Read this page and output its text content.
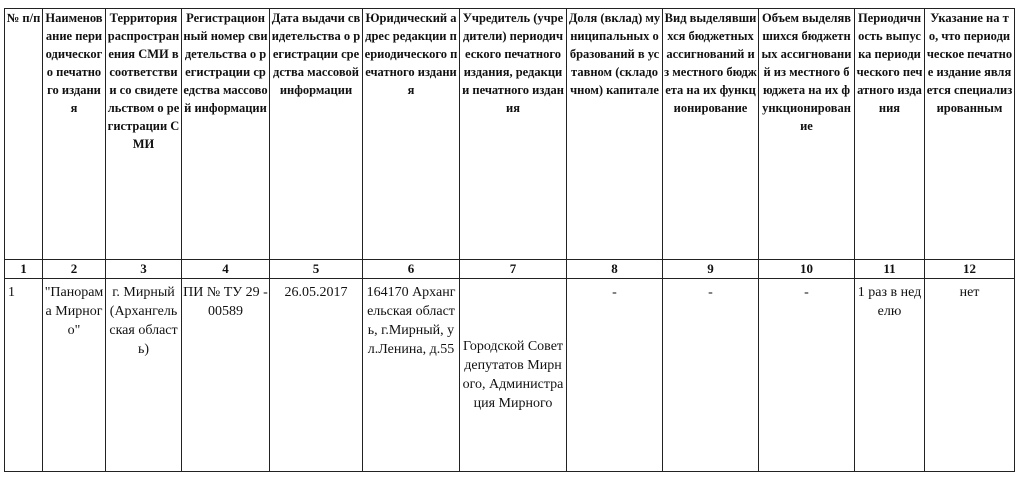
№ п/п	Наименование периодического печатного издания	Территория распространения СМИ в соответствии со свидетельством о регистрации СМИ	Регистрационный номер свидетельства о регистрации средства массовой информации	Дата выдачи свидетельства о регистрации средства массовой информации	Юридический адрес редакции периодического печатного издания	Учредитель (учредители) периодического печатного издания, редакции печатного издания	Доля (вклад) муниципальных образований в уставном (складочном) капитале	Вид выделявшихся бюджетных ассигнований из местного бюджета на их функционирование	Объем выделявшихся бюджетных ассигнований из местного бюджета на их функционирование	Периодичность выпуска периодического печатного издания	Указание на то, что периодическое печатное издание является специализированным
1	2	3	4	5	6	7	8	9	10	11	12
1	"Панорама Мирного"	г. Мирный (Архангельская область)	ПИ № ТУ 29 - 00589	26.05.2017	164170 Архангельская область, г.Мирный, ул.Ленина, д.55	Городской Совет депутатов Мирного, Администрация Мирного	-	-	-	1 раз в неделю	нет
